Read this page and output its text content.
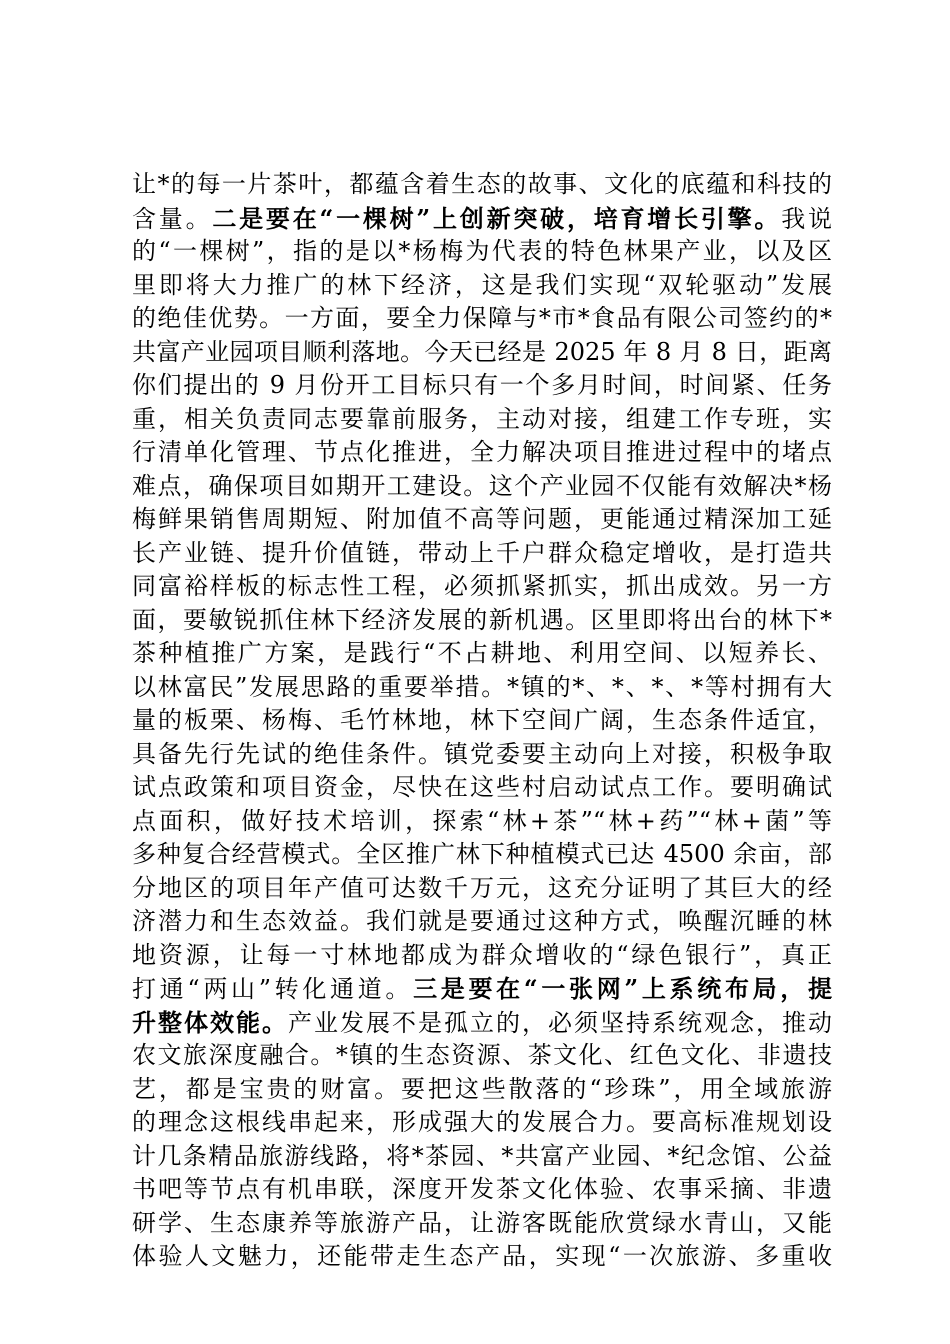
让*的每一片茶叶，都蕴含着生态的故事、文化的底蕴和科技的
含量。二是要在“一棵树”上创新突破，培育增长引擎。我说
的“一棵树”，指的是以*杨梅为代表的特色林果产业，以及区
里即将大力推广的林下经济，这是我们实现“双轮驱动”发展
的绝佳优势。一方面，要全力保障与*市*食品有限公司签约的*
共富产业园项目顺利落地。今天已经是 2025 年 8 月 8 日，距离
你们提出的 9 月份开工目标只有一个多月时间，时间紧、任务
重，相关负责同志要靠前服务，主动对接，组建工作专班，实
行清单化管理、节点化推进，全力解决项目推进过程中的堵点
难点，确保项目如期开工建设。这个产业园不仅能有效解决*杨
梅鲜果销售周期短、附加值不高等问题，更能通过精深加工延
长产业链、提升价值链，带动上千户群众稳定增收，是打造共
同富裕样板的标志性工程，必须抓紧抓实，抓出成效。另一方
面，要敏锐抓住林下经济发展的新机遇。区里即将出台的林下*
茶种植推广方案，是践行“不占耕地、利用空间、以短养长、
以林富民”发展思路的重要举措。*镇的*、*、*、*等村拥有大
量的板栗、杨梅、毛竹林地，林下空间广阔，生态条件适宜，
具备先行先试的绝佳条件。镇党委要主动向上对接，积极争取
试点政策和项目资金，尽快在这些村启动试点工作。要明确试
点面积，做好技术培训，探索“林+茶”“林+药”“林+菌”等
多种复合经营模式。全区推广林下种植模式已达 4500 余亩，部
分地区的项目年产值可达数千万元，这充分证明了其巨大的经
济潜力和生态效益。我们就是要通过这种方式，唤醒沉睡的林
地资源，让每一寸林地都成为群众增收的“绿色银行”，真正
打通“两山”转化通道。三是要在“一张网”上系统布局，提
升整体效能。产业发展不是孤立的，必须坚持系统观念，推动
农文旅深度融合。*镇的生态资源、茶文化、红色文化、非遗技
艺，都是宝贵的财富。要把这些散落的“珍珠”，用全域旅游
的理念这根线串起来，形成强大的发展合力。要高标准规划设
计几条精品旅游线路，将*茶园、*共富产业园、*纪念馆、公益
书吧等节点有机串联，深度开发茶文化体验、农事采摘、非遗
研学、生态康养等旅游产品，让游客既能欣赏绿水青山，又能
体验人文魅力，还能带走生态产品，实现“一次旅游、多重收
